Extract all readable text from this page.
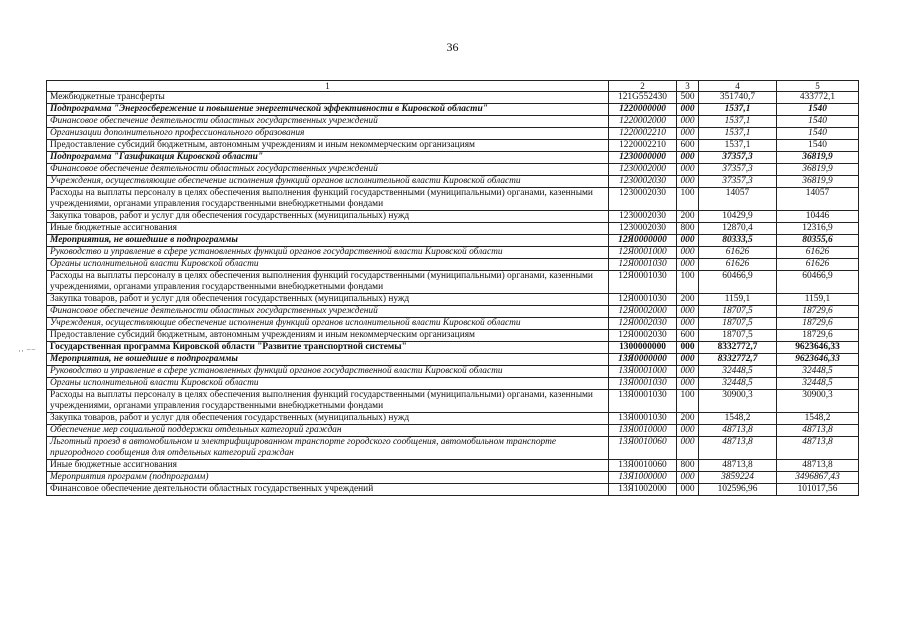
36
·· ⁻⁻
1	2	3	4	5
Межбюджетные трансферты	121G552430	500	351740,7	433772,1
Подпрограмма "Энергосбережение и повышение энергетической эффективности в Кировской области"	1220000000	000	1537,1	1540
Финансовое обеспечение деятельности областных государственных учреждений	1220002000	000	1537,1	1540
Организации дополнительного профессионального образования	1220002210	000	1537,1	1540
Предоставление субсидий бюджетным, автономным учреждениям и иным некоммерческим организациям	1220002210	600	1537,1	1540
Подпрограмма "Газификация Кировской области"	1230000000	000	37357,3	36819,9
Финансовое обеспечение деятельности областных государственных учреждений	1230002000	000	37357,3	36819,9
Учреждения, осуществляющие обеспечение исполнения функций органов исполнительной власти Кировской области	1230002030	000	37357,3	36819,9
Расходы на выплаты персоналу в целях обеспечения выполнения функций государственными (муниципальными) органами, казенными учреждениями, органами управления государственными внебюджетными фондами	1230002030	100	14057	14057
Закупка товаров, работ и услуг для обеспечения государственных (муниципальных) нужд	1230002030	200	10429,9	10446
Иные бюджетные ассигнования	1230002030	800	12870,4	12316,9
Мероприятия, не вошедшие в подпрограммы	12Я0000000	000	80333,5	80355,6
Руководство и управление в сфере установленных функций органов государственной власти Кировской области	12Я0001000	000	61626	61626
Органы исполнительной власти Кировской области	12Я0001030	000	61626	61626
Расходы на выплаты персоналу в целях обеспечения выполнения функций государственными (муниципальными) органами, казенными учреждениями, органами управления государственными внебюджетными фондами	12Я0001030	100	60466,9	60466,9
Закупка товаров, работ и услуг для обеспечения государственных (муниципальных) нужд	12Я0001030	200	1159,1	1159,1
Финансовое обеспечение деятельности областных государственных учреждений	12Я0002000	000	18707,5	18729,6
Учреждения, осуществляющие обеспечение исполнения функций органов исполнительной власти Кировской области	12Я0002030	000	18707,5	18729,6
Предоставление субсидий бюджетным, автономным учреждениям и иным некоммерческим организациям	12Я0002030	600	18707,5	18729,6
Государственная программа Кировской области "Развитие транспортной системы"	1300000000	000	8332772,7	9623646,33
Мероприятия, не вошедшие в подпрограммы	13Я0000000	000	8332772,7	9623646,33
Руководство и управление в сфере установленных функций органов государственной власти Кировской области	13Я0001000	000	32448,5	32448,5
Органы исполнительной власти Кировской области	13Я0001030	000	32448,5	32448,5
Расходы на выплаты персоналу в целях обеспечения выполнения функций государственными (муниципальными) органами, казенными учреждениями, органами управления государственными внебюджетными фондами	13Я0001030	100	30900,3	30900,3
Закупка товаров, работ и услуг для обеспечения государственных (муниципальных) нужд	13Я0001030	200	1548,2	1548,2
Обеспечение мер социальной поддержки отдельных категорий граждан	13Я0010000	000	48713,8	48713,8
Льготный проезд в автомобильном и электрифицированном транспорте городского сообщения, автомобильном транспорте пригородного сообщения для отдельных категорий граждан	13Я0010060	000	48713,8	48713,8
Иные бюджетные ассигнования	13Я0010060	800	48713,8	48713,8
Мероприятия программ (подпрограмм)	13Я1000000	000	3859224	3496867,43
Финансовое обеспечение деятельности областных государственных учреждений	13Я1002000	000	102596,96	101017,56
